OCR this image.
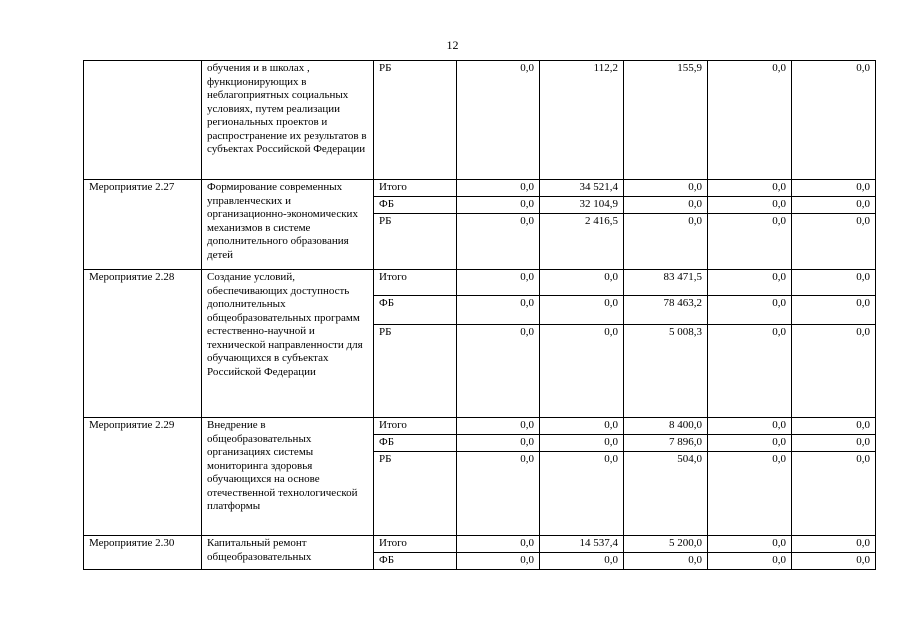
12
	обучения и в школах , функционирующих в неблагоприятных социальных условиях, путем реализации региональных проектов и распространение их результатов в субъектах Российской Федерации	РБ	0,0	112,2	155,9	0,0	0,0
Мероприятие 2.27	Формирование современных управленческих и организационно-экономических механизмов в системе дополнительного образования детей	Итого	0,0	34 521,4	0,0	0,0	0,0
		ФБ	0,0	32 104,9	0,0	0,0	0,0
		РБ	0,0	2 416,5	0,0	0,0	0,0
Мероприятие 2.28	Создание условий, обеспечивающих доступность дополнительных общеобразовательных программ естественно-научной и технической направленности для обучающихся в субъектах Российской Федерации	Итого	0,0	0,0	83 471,5	0,0	0,0
		ФБ	0,0	0,0	78 463,2	0,0	0,0
		РБ	0,0	0,0	5 008,3	0,0	0,0
Мероприятие 2.29	Внедрение в общеобразовательных организациях системы мониторинга здоровья обучающихся на основе отечественной технологической платформы	Итого	0,0	0,0	8 400,0	0,0	0,0
		ФБ	0,0	0,0	7 896,0	0,0	0,0
		РБ	0,0	0,0	504,0	0,0	0,0
Мероприятие 2.30	Капитальный ремонт общеобразовательных	Итого	0,0	14 537,4	5 200,0	0,0	0,0
		ФБ	0,0	0,0	0,0	0,0	0,0
